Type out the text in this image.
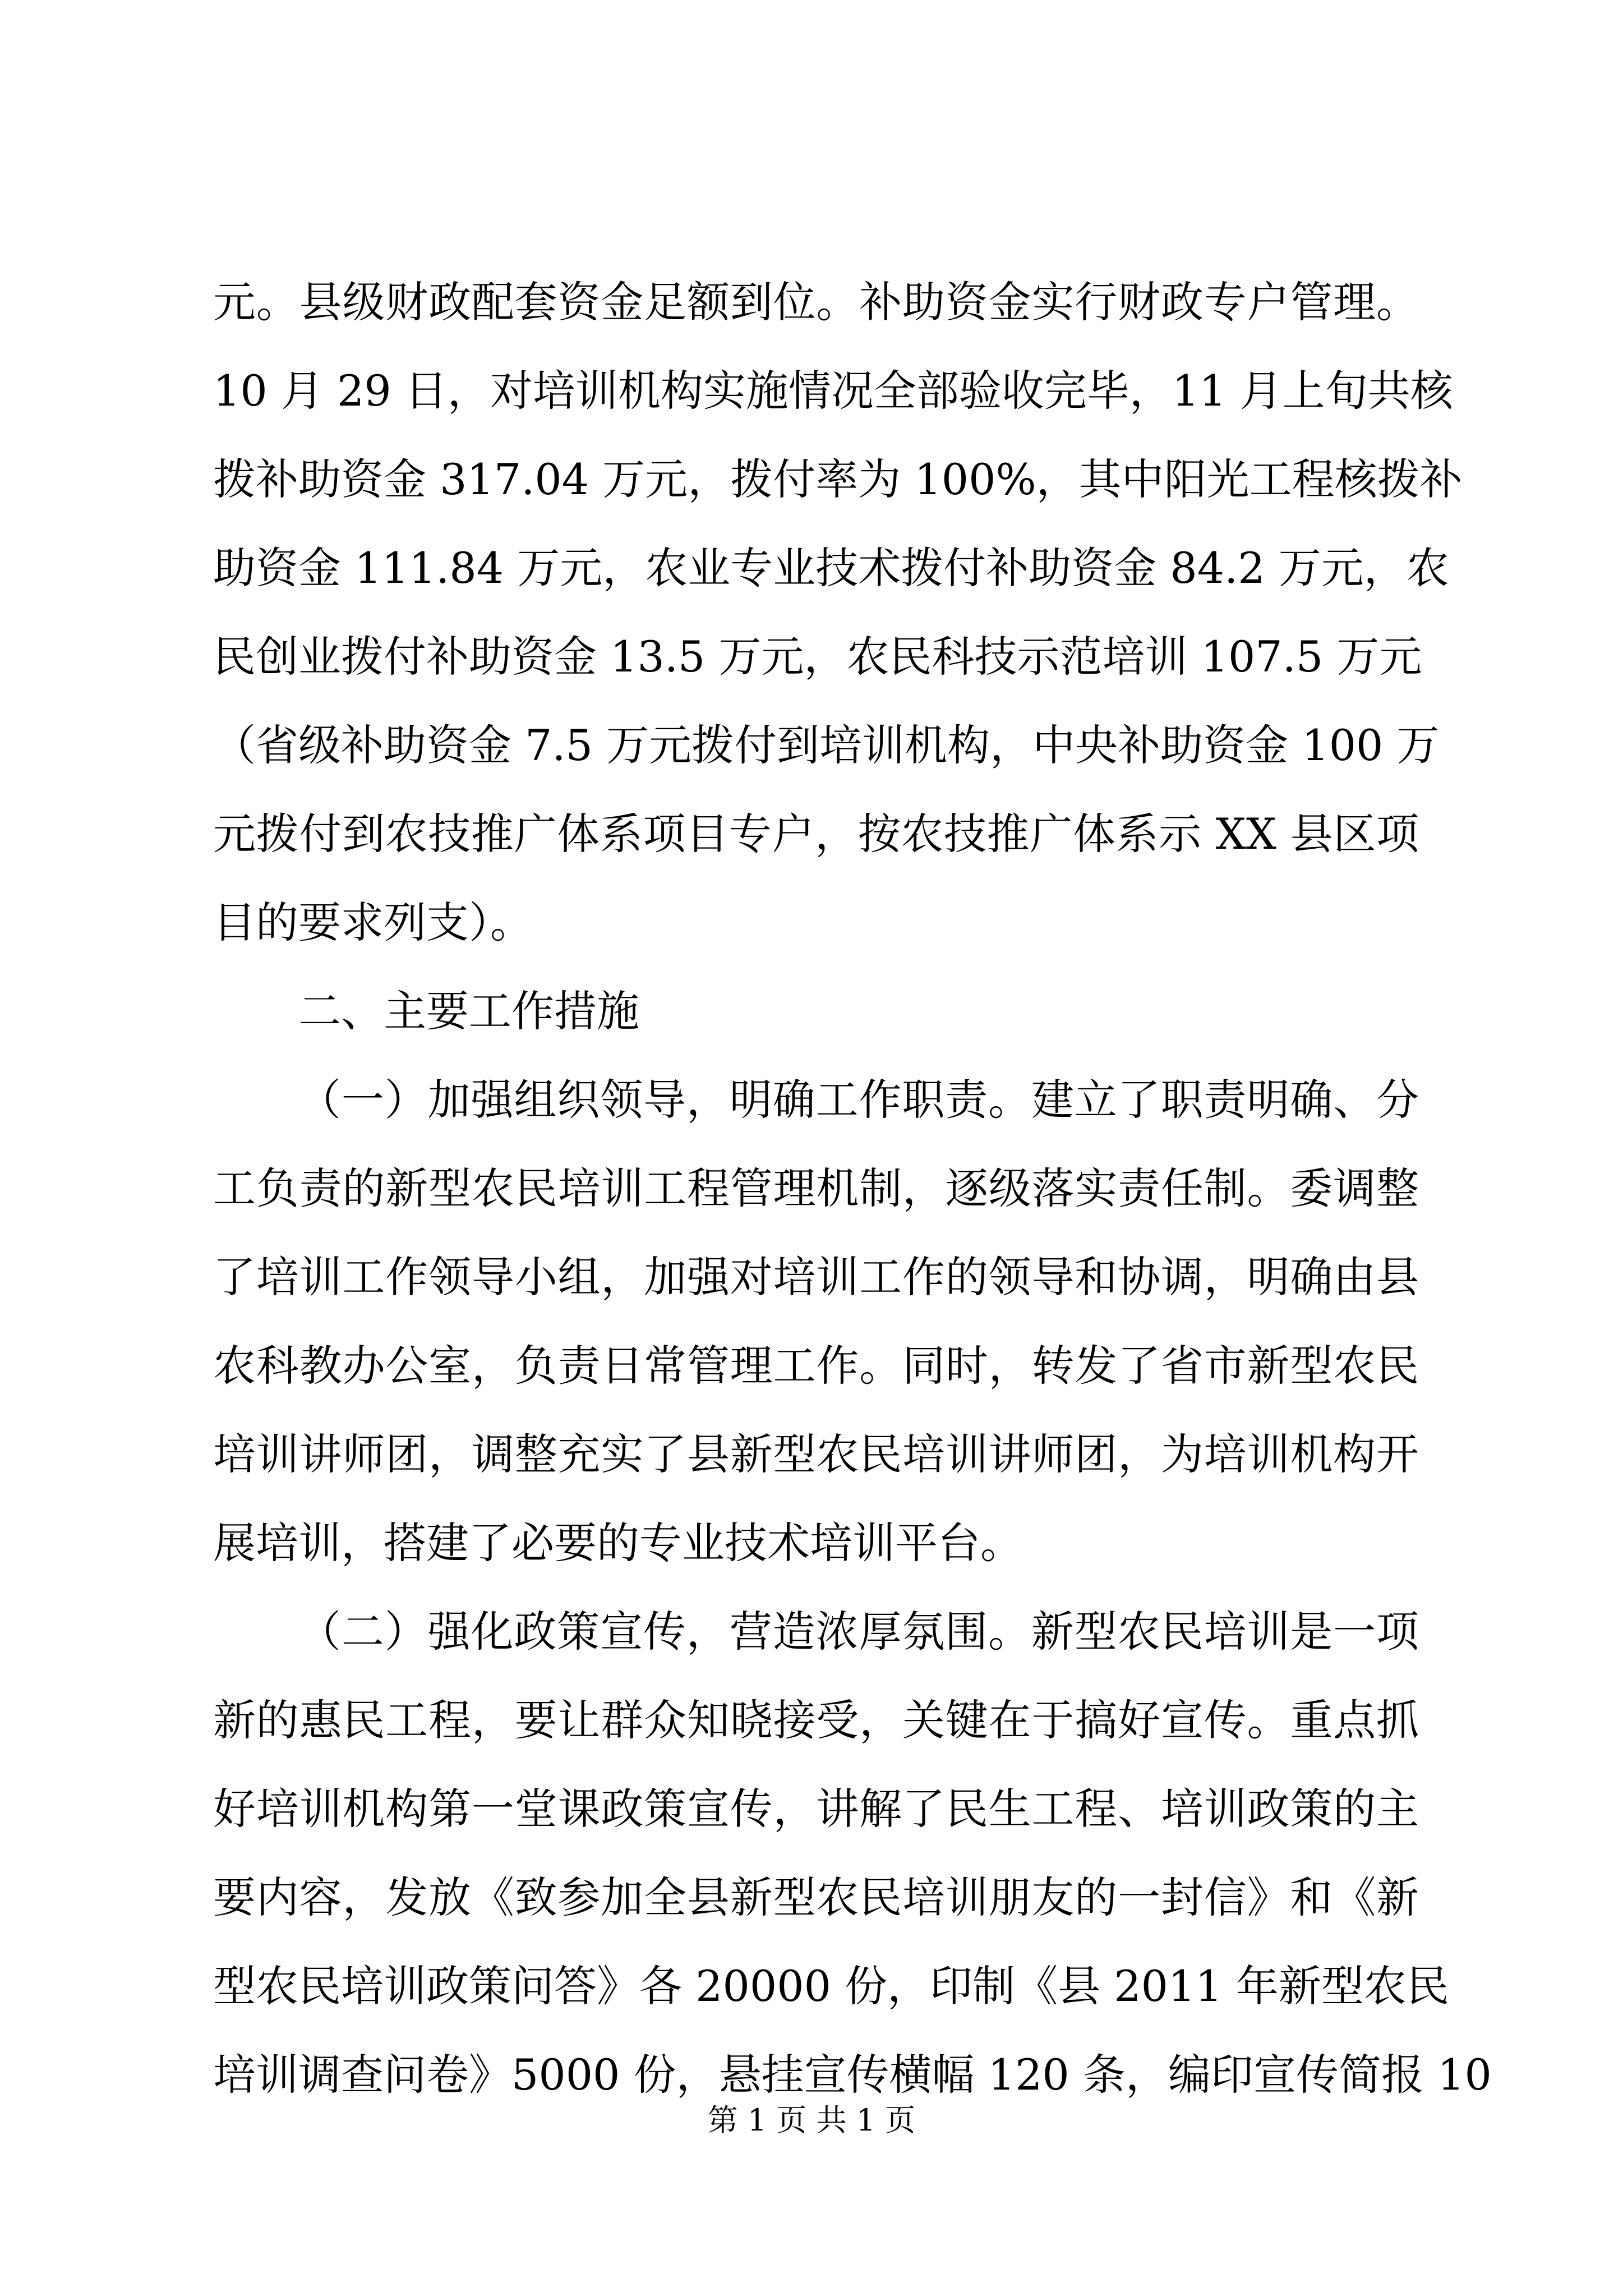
元。县级财政配套资金足额到位。补助资金实行财政专户管理。
10 月 29 日，对培训机构实施情况全部验收完毕，11 月上旬共核
拨补助资金 317.04 万元，拨付率为 100%，其中阳光工程核拨补
助资金 111.84 万元，农业专业技术拨付补助资金 84.2 万元，农
民创业拨付补助资金 13.5 万元，农民科技示范培训 107.5 万元
（省级补助资金 7.5 万元拨付到培训机构，中央补助资金 100 万
元拨付到农技推广体系项目专户，按农技推广体系示 XX 县区项
目的要求列支）。
二、主要工作措施
（一）加强组织领导，明确工作职责。建立了职责明确、分
工负责的新型农民培训工程管理机制，逐级落实责任制。委调整
了培训工作领导小组，加强对培训工作的领导和协调，明确由县
农科教办公室，负责日常管理工作。同时，转发了省市新型农民
培训讲师团，调整充实了县新型农民培训讲师团，为培训机构开
展培训，搭建了必要的专业技术培训平台。
（二）强化政策宣传，营造浓厚氛围。新型农民培训是一项
新的惠民工程，要让群众知晓接受，关键在于搞好宣传。重点抓
好培训机构第一堂课政策宣传，讲解了民生工程、培训政策的主
要内容，发放《致参加全县新型农民培训朋友的一封信》和《新
型农民培训政策问答》各 20000 份，印制《县 2011 年新型农民
培训调查问卷》5000 份，悬挂宣传横幅 120 条，编印宣传简报 10
第 1 页 共 1 页
